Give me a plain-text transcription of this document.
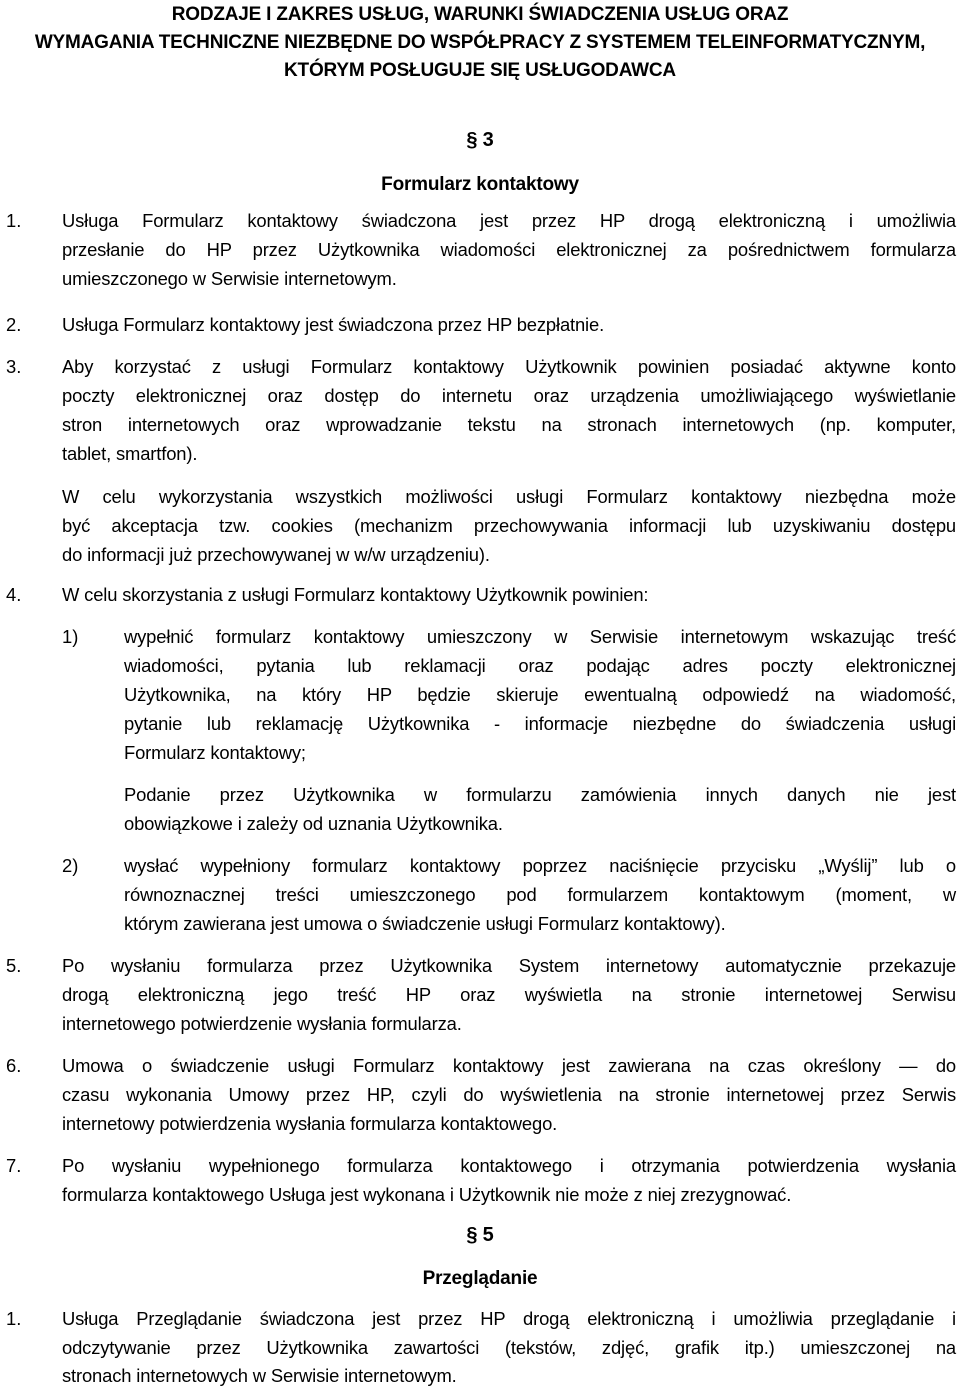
RODZAJE I ZAKRES USŁUG, WARUNKI ŚWIADCZENIA USŁUG ORAZ
WYMAGANIA TECHNICZNE NIEZBĘDNE DO WSPÓŁPRACY Z SYSTEMEM TELEINFORMATYCZNYM,
KTÓRYM POSŁUGUJE SIĘ USŁUGODAWCA
§ 3
Formularz kontaktowy
1. Usługa Formularz kontaktowy świadczona jest przez HP drogą elektroniczną i umożliwia
przesłanie do HP przez Użytkownika wiadomości elektronicznej za pośrednictwem formularza
umieszczonego w Serwisie internetowym.
2. Usługa Formularz kontaktowy jest świadczona przez HP bezpłatnie.
3. Aby korzystać z usługi Formularz kontaktowy Użytkownik powinien posiadać aktywne konto
poczty elektronicznej oraz dostęp do internetu oraz urządzenia umożliwiającego wyświetlanie
stron internetowych oraz wprowadzanie tekstu na stronach internetowych (np. komputer,
tablet, smartfon).
W celu wykorzystania wszystkich możliwości usługi Formularz kontaktowy niezbędna może
być akceptacja tzw. cookies (mechanizm przechowywania informacji lub uzyskiwaniu dostępu
do informacji już przechowywanej w w/w urządzeniu).
4. W celu skorzystania z usługi Formularz kontaktowy Użytkownik powinien:
1) wypełnić formularz kontaktowy umieszczony w Serwisie internetowym wskazując treść
wiadomości, pytania lub reklamacji oraz podając adres poczty elektronicznej
Użytkownika, na który HP będzie skieruje ewentualną odpowiedź na wiadomość,
pytanie lub reklamację Użytkownika - informacje niezbędne do świadczenia usługi
Formularz kontaktowy;
Podanie przez Użytkownika w formularzu zamówienia innych danych nie jest
obowiązkowe i zależy od uznania Użytkownika.
2) wysłać wypełniony formularz kontaktowy poprzez naciśnięcie przycisku „Wyślij” lub o
równoznacznej treści umieszczonego pod formularzem kontaktowym (moment, w
którym zawierana jest umowa o świadczenie usługi Formularz kontaktowy).
5. Po wysłaniu formularza przez Użytkownika System internetowy automatycznie przekazuje
drogą elektroniczną jego treść HP oraz wyświetla na stronie internetowej Serwisu
internetowego potwierdzenie wysłania formularza.
6. Umowa o świadczenie usługi Formularz kontaktowy jest zawierana na czas określony — do
czasu wykonania Umowy przez HP, czyli do wyświetlenia na stronie internetowej przez Serwis
internetowy potwierdzenia wysłania formularza kontaktowego.
7. Po wysłaniu wypełnionego formularza kontaktowego i otrzymania potwierdzenia wysłania
formularza kontaktowego Usługa jest wykonana i Użytkownik nie może z niej zrezygnować.
§ 5
Przeglądanie
1. Usługa Przeglądanie świadczona jest przez HP drogą elektroniczną i umożliwia przeglądanie i
odczytywanie przez Użytkownika zawartości (tekstów, zdjęć, grafik itp.) umieszczonej na
stronach internetowych w Serwisie internetowym.
